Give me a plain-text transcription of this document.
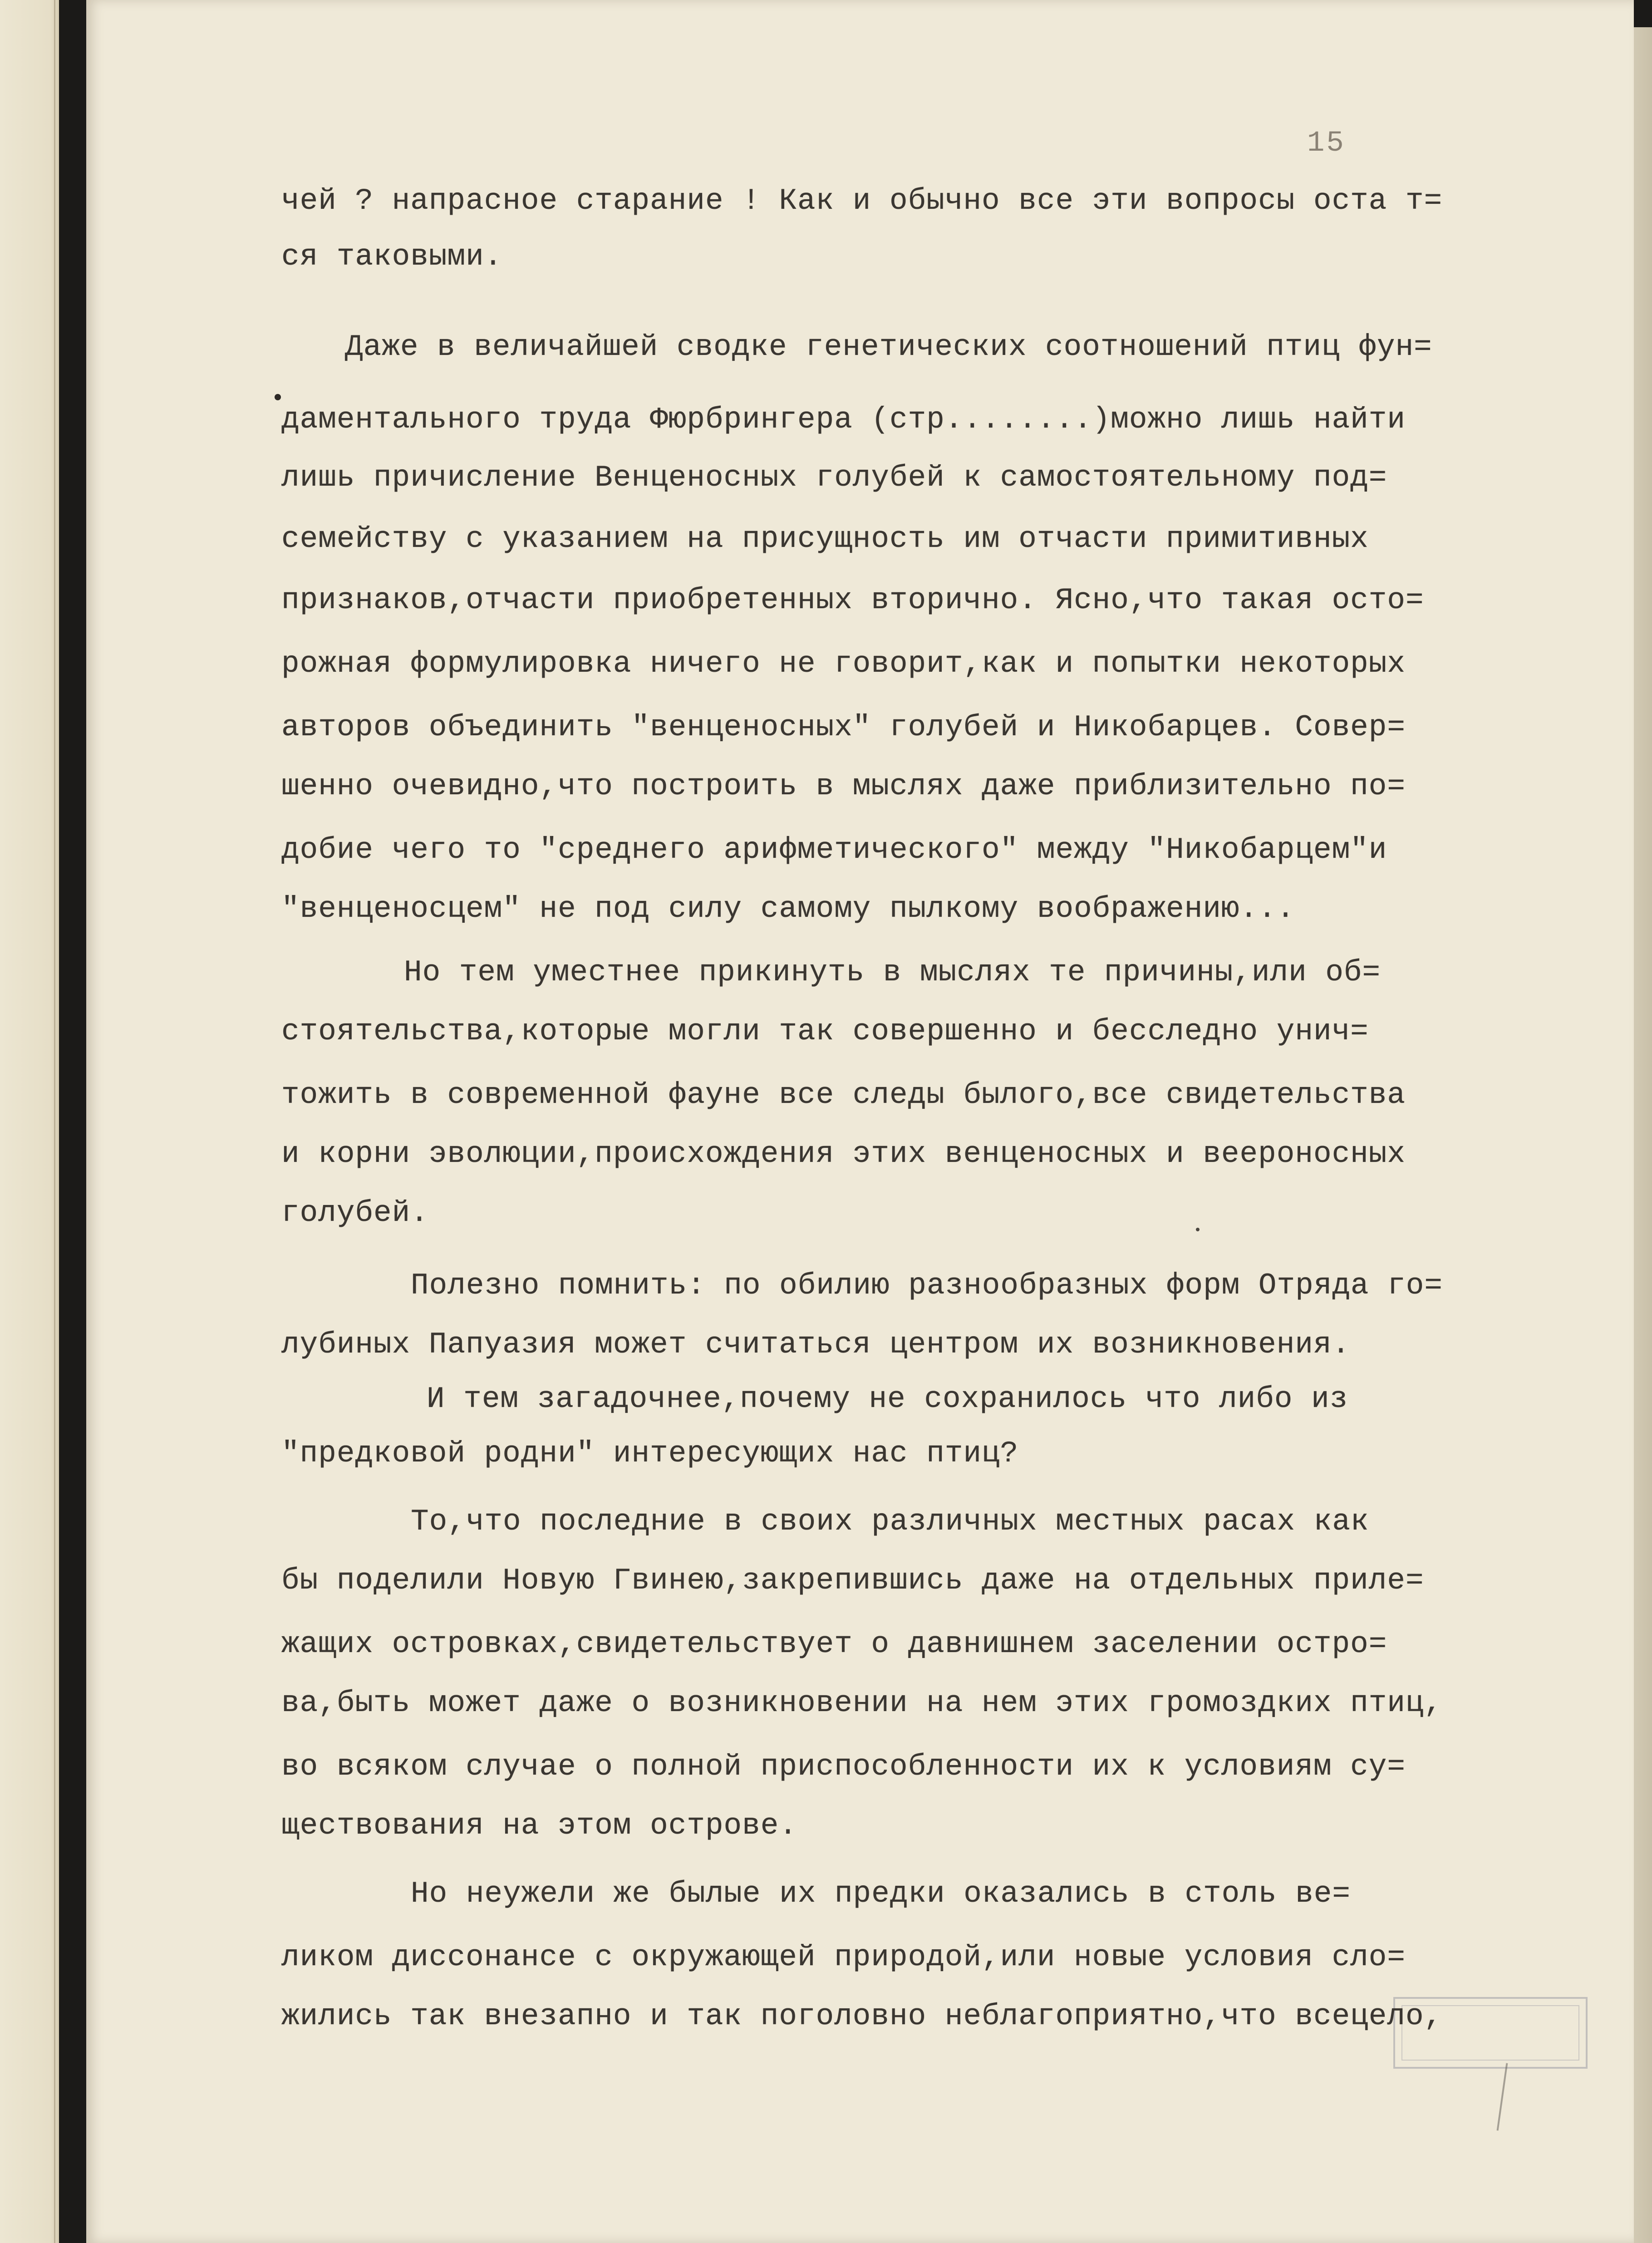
15
чей ? напрасное старание ! Как и обычно все эти вопросы оста т=
ся таковыми.
Даже в величайшей сводке генетических соотношений птиц фун=
даментального труда Фюрбрингера (стр........)можно лишь найти
лишь причисление Венценосных голубей к самостоятельному под=
семейству с указанием на присущность им отчасти примитивных
признаков,отчасти приобретенных вторично. Ясно,что такая осто=
рожная формулировка ничего не говорит,как и попытки некоторых
авторов объединить "венценосных" голубей и Никобарцев. Совер=
шенно очевидно,что построить в мыслях даже приблизительно по=
добие чего то "среднего арифметического" между "Никобарцем"и
"венценосцем" не под силу самому пылкому воображению...
Но тем уместнее прикинуть в мыслях те причины,или об=
стоятельства,которые могли так совершенно и бесследно унич=
тожить в современной фауне все следы былого,все свидетельства
и корни эволюции,происхождения этих венценосных и веероносных
голубей.
Полезно помнить: по обилию разнообразных форм Отряда го=
лубиных Папуазия может считаться центром их возникновения.
И тем загадочнее,почему не сохранилось что либо из
"предковой родни" интересующих нас птиц?
То,что последние в своих различных местных расах как
бы поделили Новую Гвинею,закрепившись даже на отдельных приле=
жащих островках,свидетельствует о давнишнем заселении остро=
ва,быть может даже о возникновении на нем этих громоздких птиц,
во всяком случае о полной приспособленности их к условиям су=
ществования на этом острове.
Но неужели же былые их предки оказались в столь ве=
ликом диссонансе с окружающей природой,или новые условия сло=
жились так внезапно и так поголовно неблагоприятно,что всецело,
